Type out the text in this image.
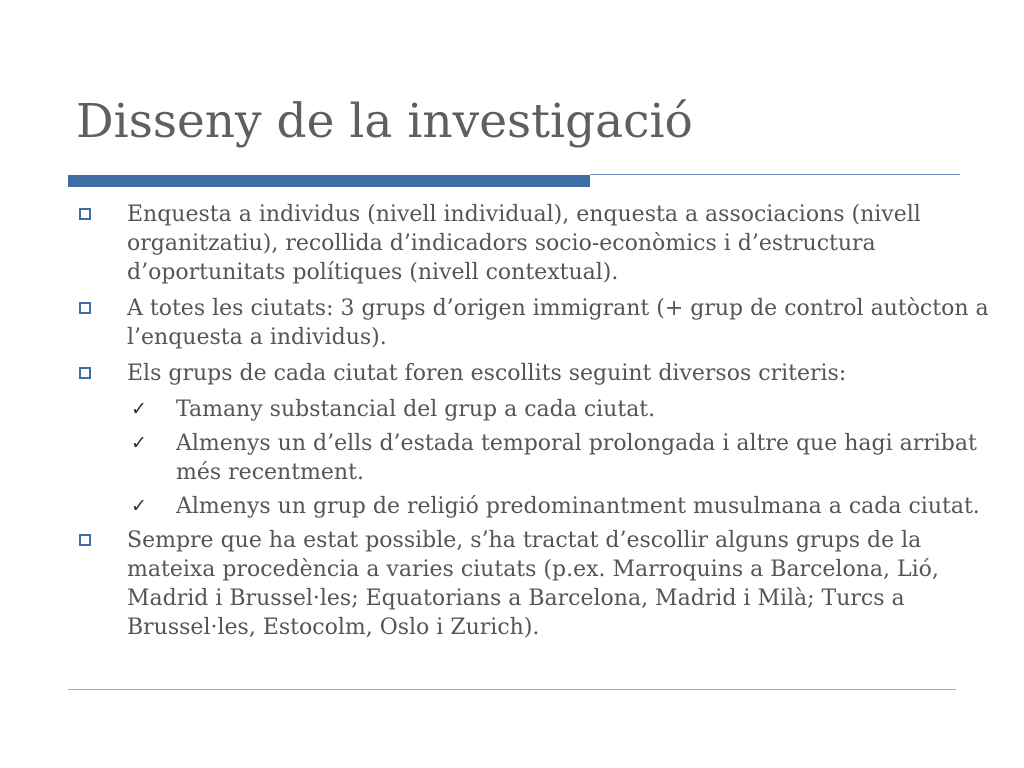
Disseny de la investigació
Enquesta a individus (nivell individual), enquesta a associacions (nivell organitzatiu), recollida d’indicadors socio-econòmics i d’estructura d’oportunitats polítiques (nivell contextual).
A totes les ciutats: 3 grups d’origen immigrant (+ grup de control autòcton a l’enquesta a individus).
Els grups de cada ciutat foren escollits seguint diversos criteris:
✓ Tamany substancial del grup a cada ciutat.
✓ Almenys un d’ells d’estada temporal prolongada i altre que hagi arribat més recentment.
✓ Almenys un grup de religió predominantment musulmana a cada ciutat.
Sempre que ha estat possible, s’ha tractat d’escollir alguns grups de la mateixa procedència a varies ciutats (p.ex. Marroquins a Barcelona, Lió, Madrid i Brussel·les; Equatorians a Barcelona, Madrid i Milà; Turcs a Brussel·les, Estocolm, Oslo i Zurich).
